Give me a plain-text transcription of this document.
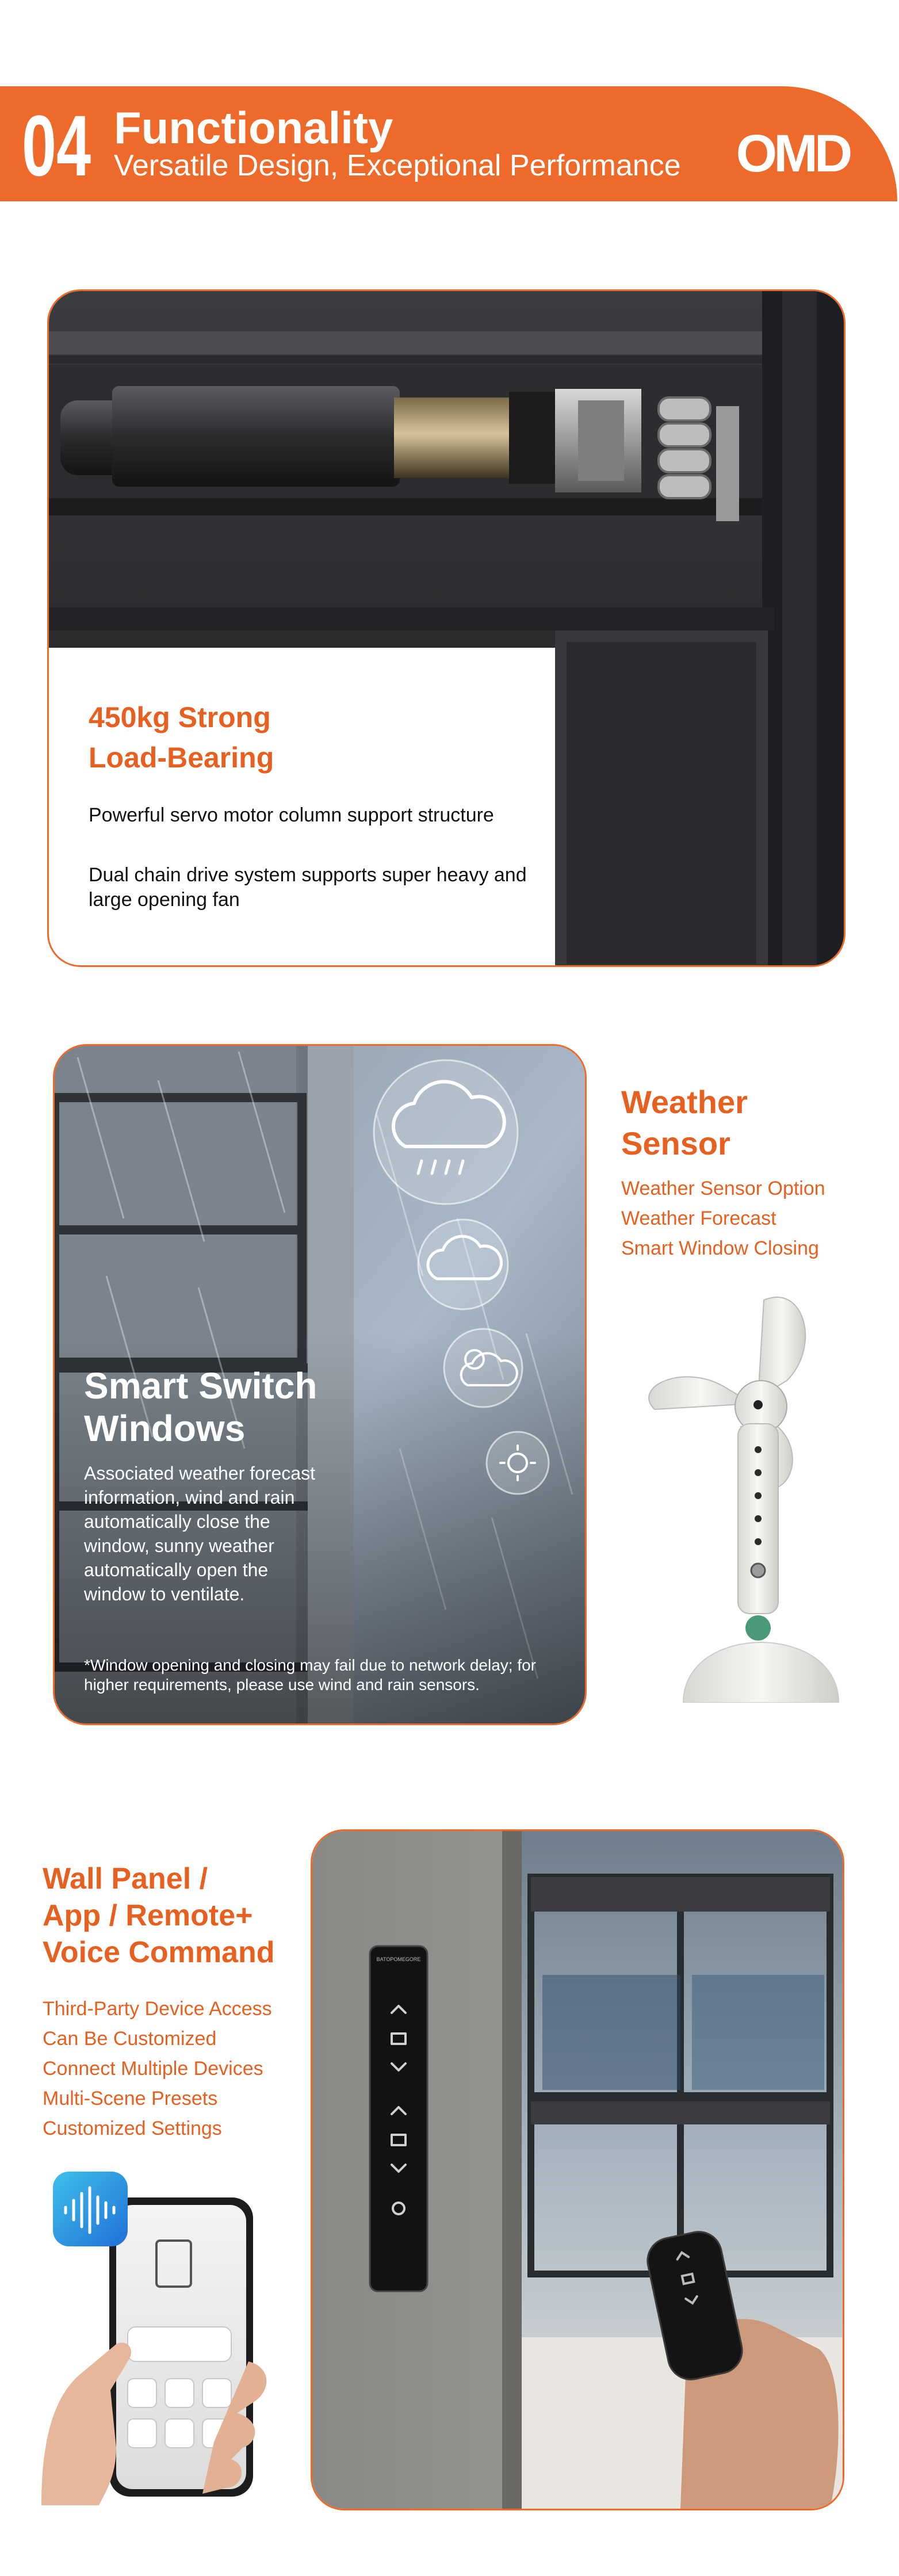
04 Functionality
Versatile Design, Exceptional Performance OMD
450kg Strong
Load-Bearing
Powerful servo motor column support structure
Dual chain drive system supports super heavy and large opening fan
Smart Switch
Windows
Associated weather forecast information, wind and rain automatically close the window, sunny weather automatically open the window to ventilate.
*Window opening and closing may fail due to network delay; for higher requirements, please use wind and rain sensors.
Weather
Sensor
Weather Sensor Option
Weather Forecast
Smart Window Closing
Wall Panel /
App / Remote+
Voice Command
Third-Party Device Access
Can Be Customized
Connect Multiple Devices
Multi-Scene Presets
Customized Settings
BATOPOMEGORE
